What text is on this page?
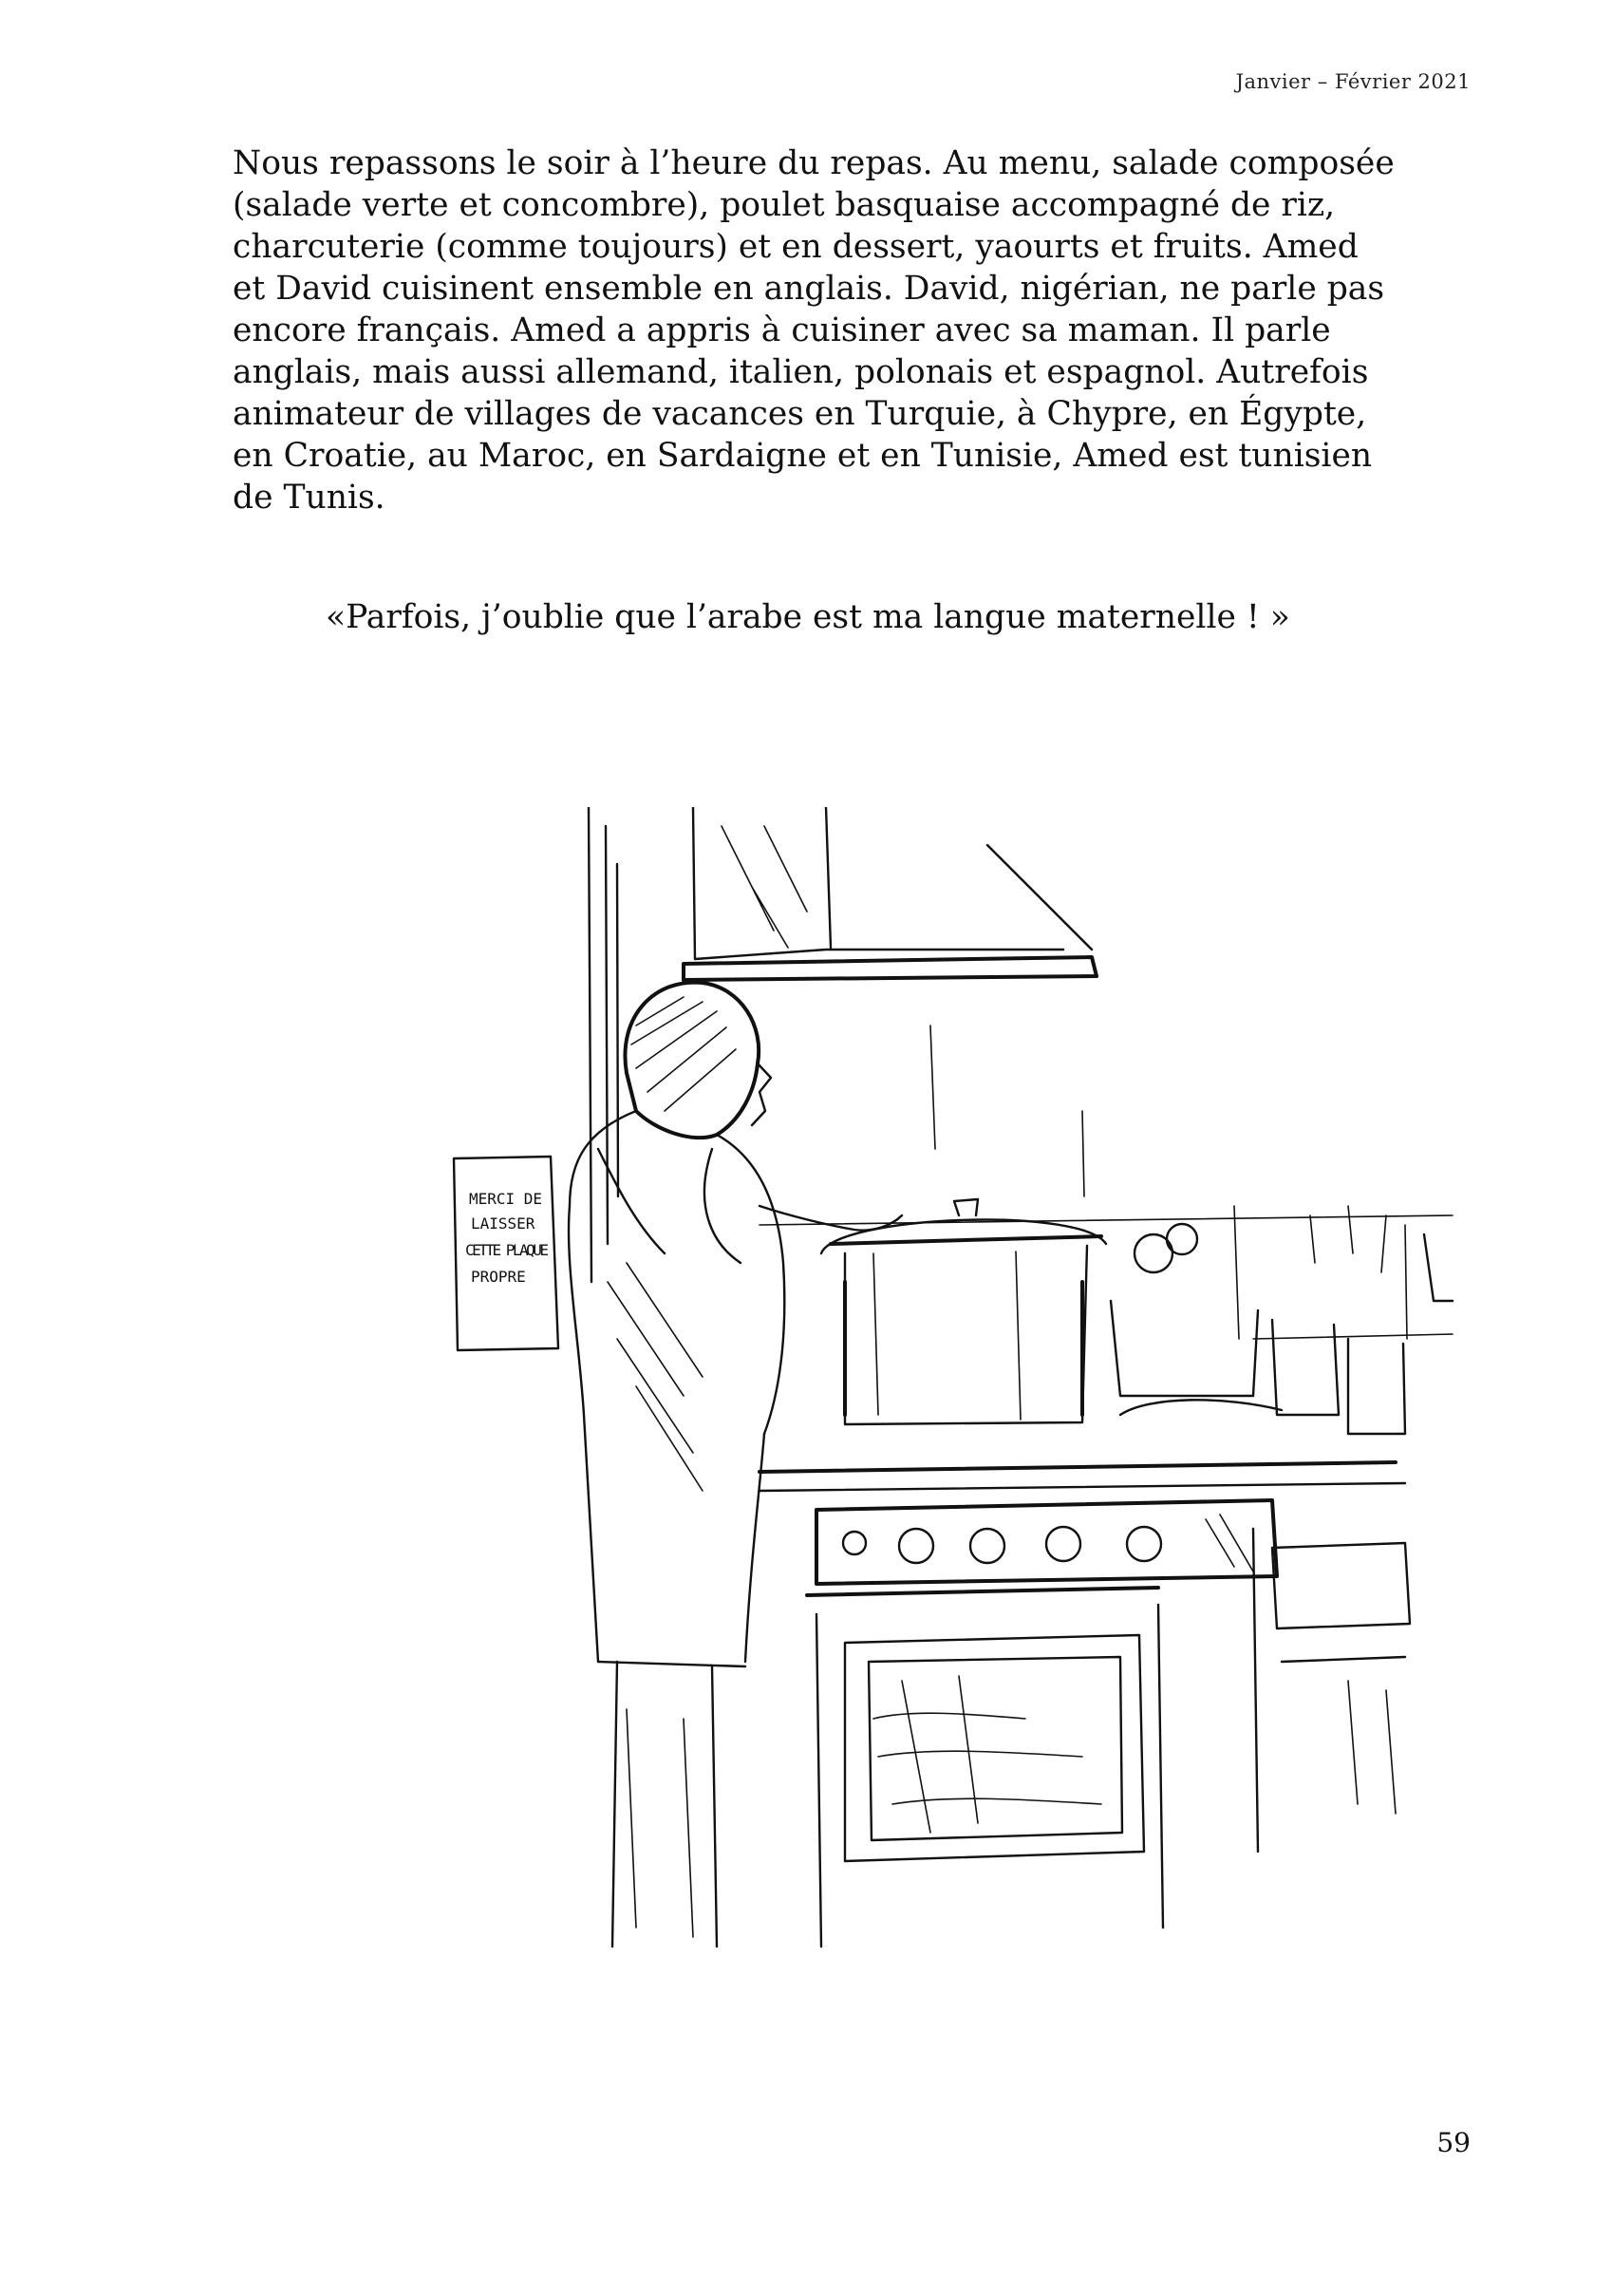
Janvier – Février 2021

Nous repassons le soir à l’heure du repas. Au menu, salade composée
(salade verte et concombre), poulet basquaise accompagné de riz,
charcuterie (comme toujours) et en dessert, yaourts et fruits. Amed
et David cuisinent ensemble en anglais. David, nigérian, ne parle pas
encore français. Amed a appris à cuisiner avec sa maman. Il parle
anglais, mais aussi allemand, italien, polonais et espagnol. Autrefois
animateur de villages de vacances en Turquie, à Chypre, en Égypte,
en Croatie, au Maroc, en Sardaigne et en Tunisie, Amed est tunisien
de Tunis.

«Parfois, j’oublie que l’arabe est ma langue maternelle ! »

MERCI DE
LAISSER
CETTE PLAQUE
PROPRE
59
